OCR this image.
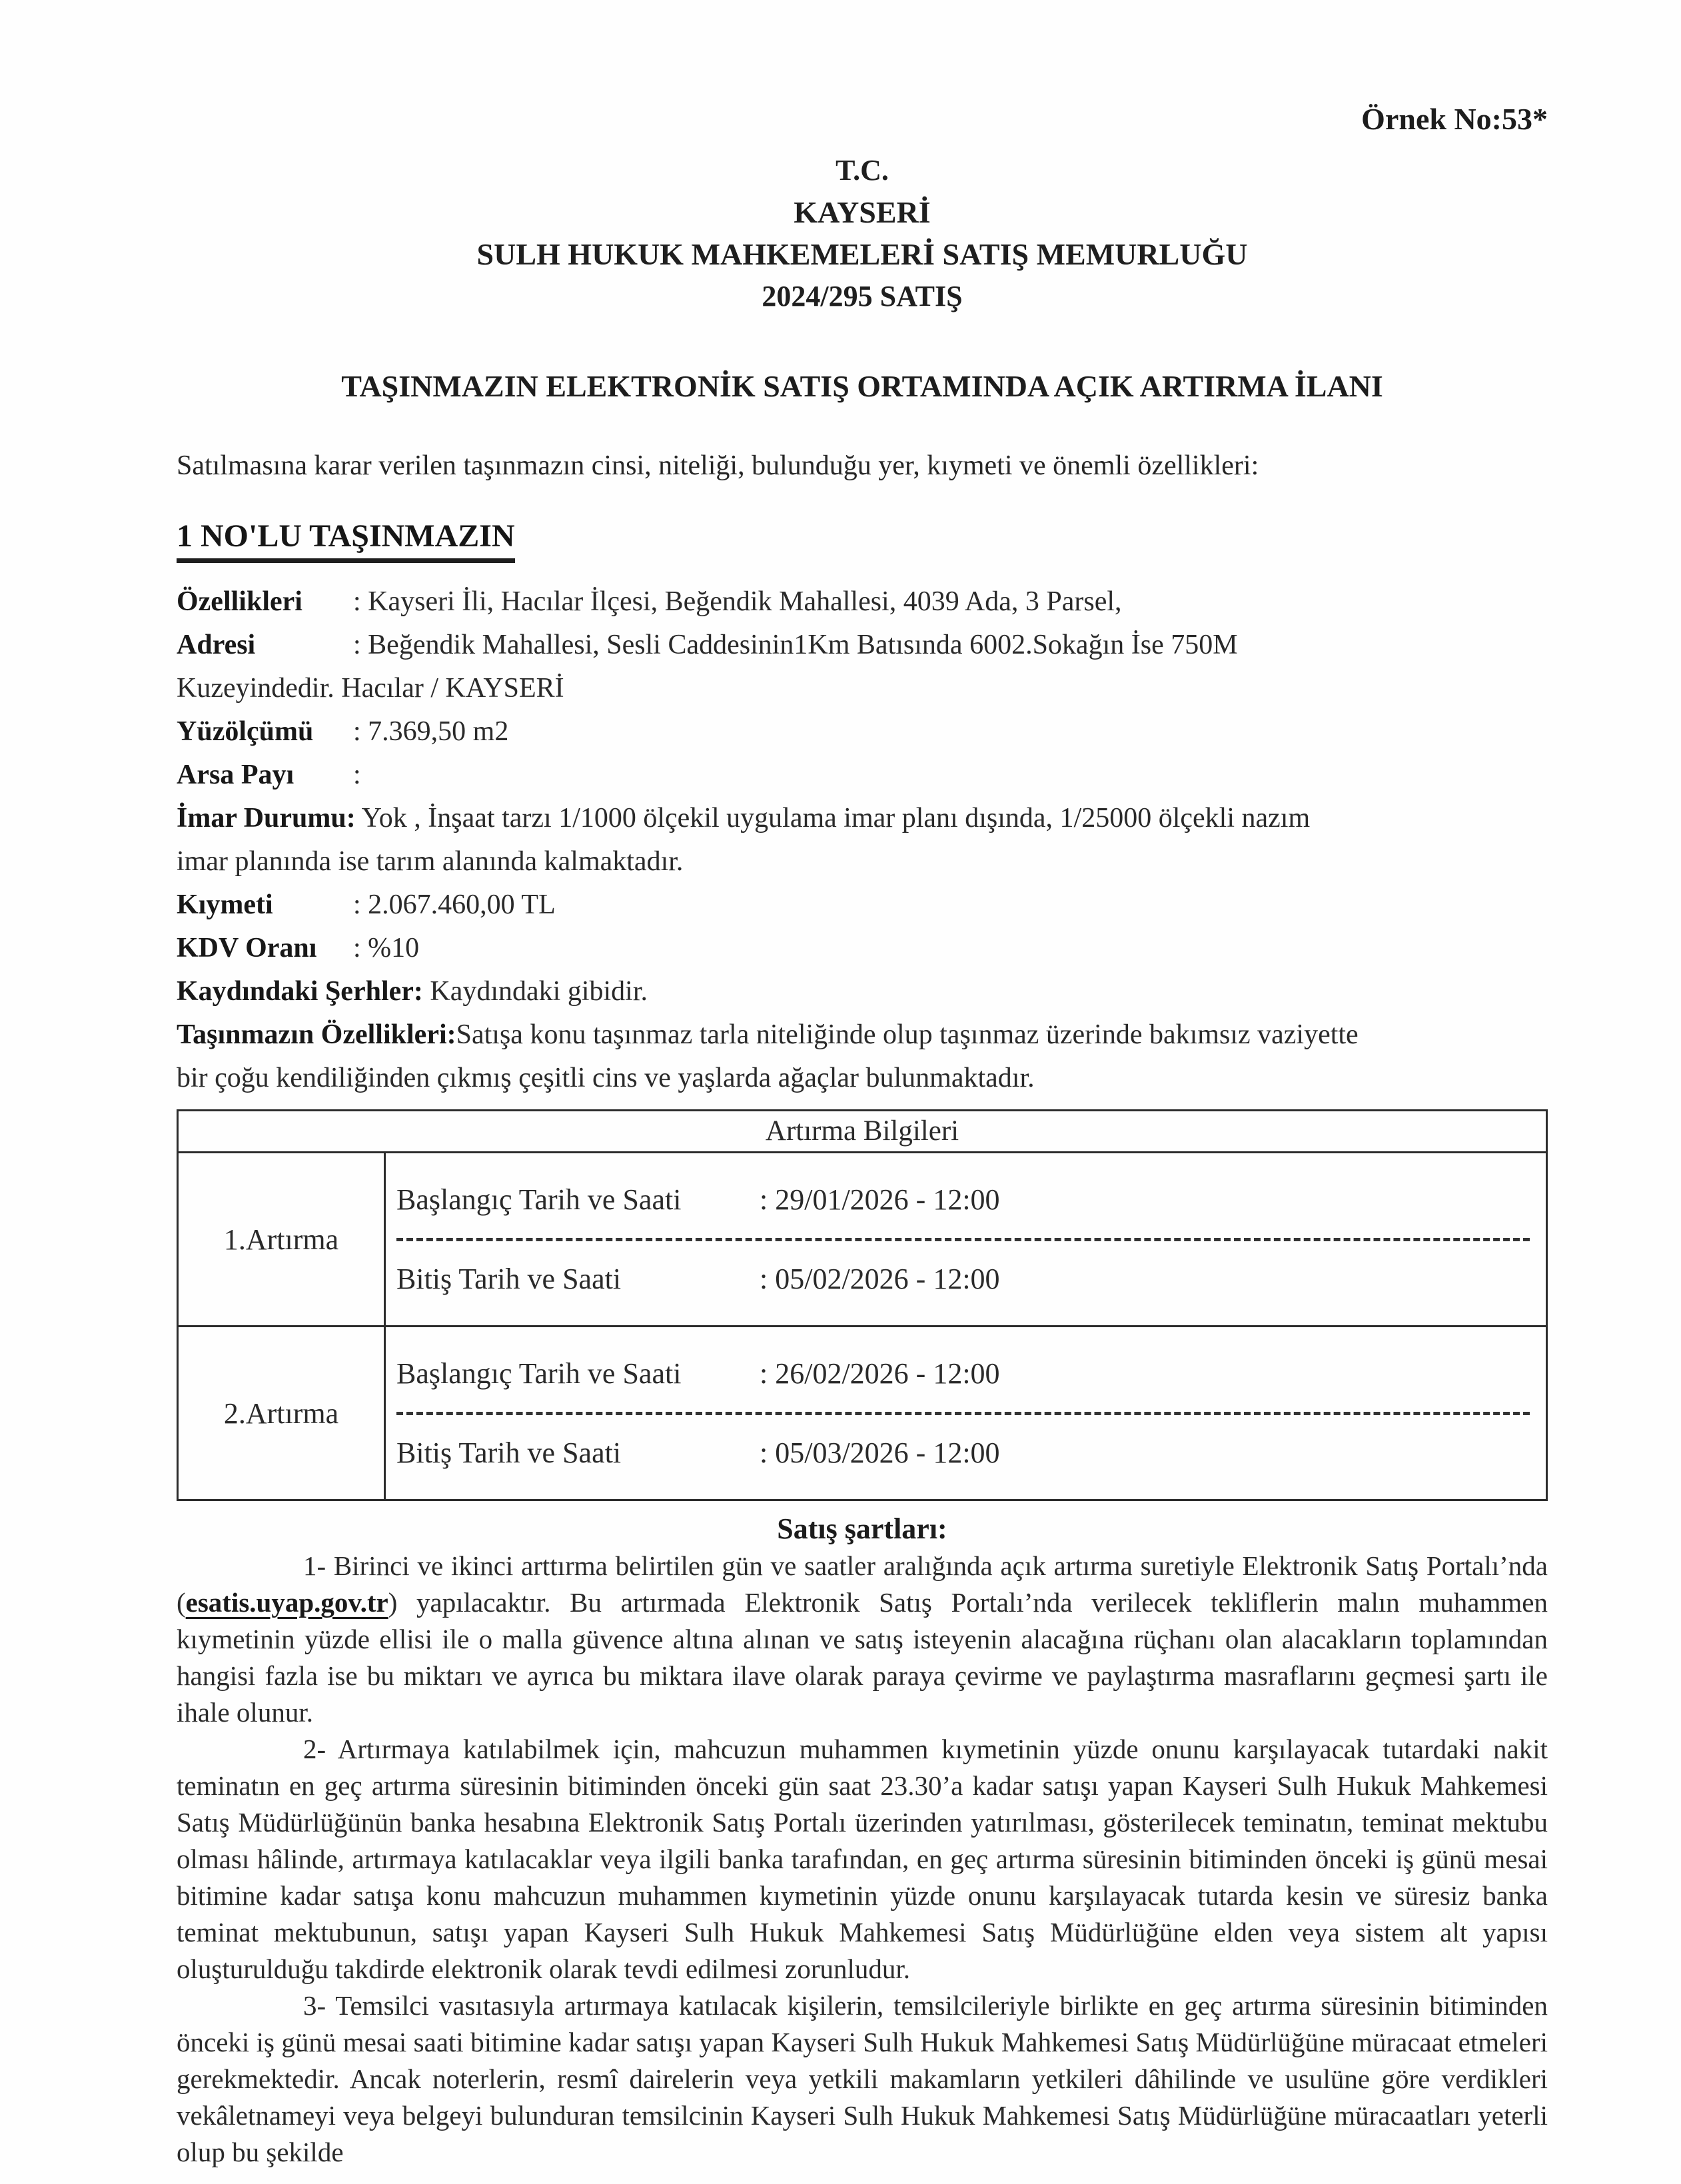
Örnek No:53*
T.C.
KAYSERİ
SULH HUKUK MAHKEMELERİ SATIŞ MEMURLUĞU
2024/295 SATIŞ
TAŞINMAZIN ELEKTRONİK SATIŞ ORTAMINDA AÇIK ARTIRMA İLANI
Satılmasına karar verilen taşınmazın cinsi, niteliği, bulunduğu yer, kıymeti ve önemli özellikleri:
1 NO'LU TAŞINMAZIN
Özellikleri : Kayseri İli, Hacılar İlçesi, Beğendik Mahallesi, 4039 Ada, 3 Parsel,
Adresi	: Beğendik Mahallesi, Sesli Caddesinin1Km Batısında 6002.Sokağın İse 750M
Kuzeyindedir. Hacılar / KAYSERİ
Yüzölçümü : 7.369,50 m2
Arsa Payı :
İmar Durumu: Yok , İnşaat tarzı 1/1000 ölçekil uygulama imar planı dışında, 1/25000 ölçekli nazım
imar planında ise tarım alanında kalmaktadır.
Kıymeti	: 2.067.460,00 TL
KDV Oranı : %10
Kaydındaki Şerhler: Kaydındaki gibidir.
Taşınmazın Özellikleri:Satışa konu taşınmaz tarla niteliğinde olup taşınmaz üzerinde bakımsız vaziyette
bir çoğu kendiliğinden çıkmış çeşitli cins ve yaşlarda ağaçlar bulunmaktadır.
Artırma Bilgileri
1.Artırma
Başlangıç Tarih ve Saati	: 29/01/2026 - 12:00
Bitiş Tarih ve Saati	: 05/02/2026 - 12:00
2.Artırma
Başlangıç Tarih ve Saati	: 26/02/2026 - 12:00
Bitiş Tarih ve Saati	: 05/03/2026 - 12:00
Satış şartları:

1- Birinci ve ikinci arttırma belirtilen gün ve saatler aralığında açık artırma suretiyle Elektronik Satış Portalı’nda (esatis.uyap.gov.tr) yapılacaktır. Bu artırmada Elektronik Satış Portalı’nda verilecek tekliflerin malın muhammen kıymetinin yüzde ellisi ile o malla güvence altına alınan ve satış isteyenin alacağına rüçhanı olan alacakların toplamından hangisi fazla ise bu miktarı ve ayrıca bu miktara ilave olarak paraya çevirme ve paylaştırma masraflarını geçmesi şartı ile ihale olunur.

2- Artırmaya katılabilmek için, mahcuzun muhammen kıymetinin yüzde onunu karşılayacak tutardaki nakit teminatın en geç artırma süresinin bitiminden önceki gün saat 23.30’a kadar satışı yapan Kayseri Sulh Hukuk Mahkemesi Satış Müdürlüğünün banka hesabına Elektronik Satış Portalı üzerinden yatırılması, gösterilecek teminatın, teminat mektubu olması hâlinde, artırmaya katılacaklar veya ilgili banka tarafından, en geç artırma süresinin bitiminden önceki iş günü mesai bitimine kadar satışa konu mahcuzun muhammen kıymetinin yüzde onunu karşılayacak tutarda kesin ve süresiz banka teminat mektubunun, satışı yapan Kayseri Sulh Hukuk Mahkemesi Satış Müdürlüğüne elden veya sistem alt yapısı oluşturulduğu takdirde elektronik olarak tevdi edilmesi zorunludur.

3- Temsilci vasıtasıyla artırmaya katılacak kişilerin, temsilcileriyle birlikte en geç artırma süresinin bitiminden önceki iş günü mesai saati bitimine kadar satışı yapan Kayseri Sulh Hukuk Mahkemesi Satış Müdürlüğüne müracaat etmeleri gerekmektedir. Ancak noterlerin, resmî dairelerin veya yetkili makamların yetkileri dâhilinde ve usulüne göre verdikleri vekâletnameyi veya belgeyi bulunduran temsilcinin Kayseri Sulh Hukuk Mahkemesi Satış Müdürlüğüne müracaatları yeterli olup bu şekilde
